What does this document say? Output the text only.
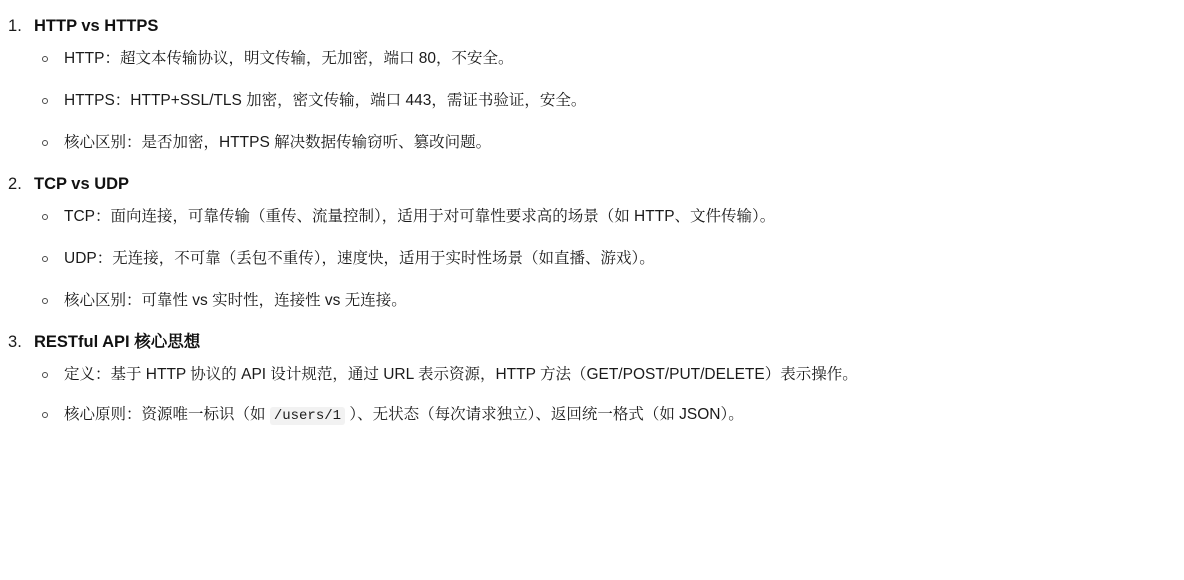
HTTP vs HTTPS
HTTP：超文本传输协议，明文传输，无加密，端口 80，不安全。
HTTPS：HTTP+SSL/TLS 加密，密文传输，端口 443，需证书验证，安全。
核心区别：是否加密，HTTPS 解决数据传输窃听、篡改问题。
TCP vs UDP
TCP：面向连接，可靠传输（重传、流量控制），适用于对可靠性要求高的场景（如 HTTP、文件传输）。
UDP：无连接，不可靠（丢包不重传），速度快，适用于实时性场景（如直播、游戏）。
核心区别：可靠性 vs 实时性，连接性 vs 无连接。
RESTful API 核心思想
定义：基于 HTTP 协议的 API 设计规范，通过 URL 表示资源，HTTP 方法（GET/POST/PUT/DELETE）表示操作。
核心原则：资源唯一标识（如 /users/1 ）、无状态（每次请求独立）、返回统一格式（如 JSON）。
